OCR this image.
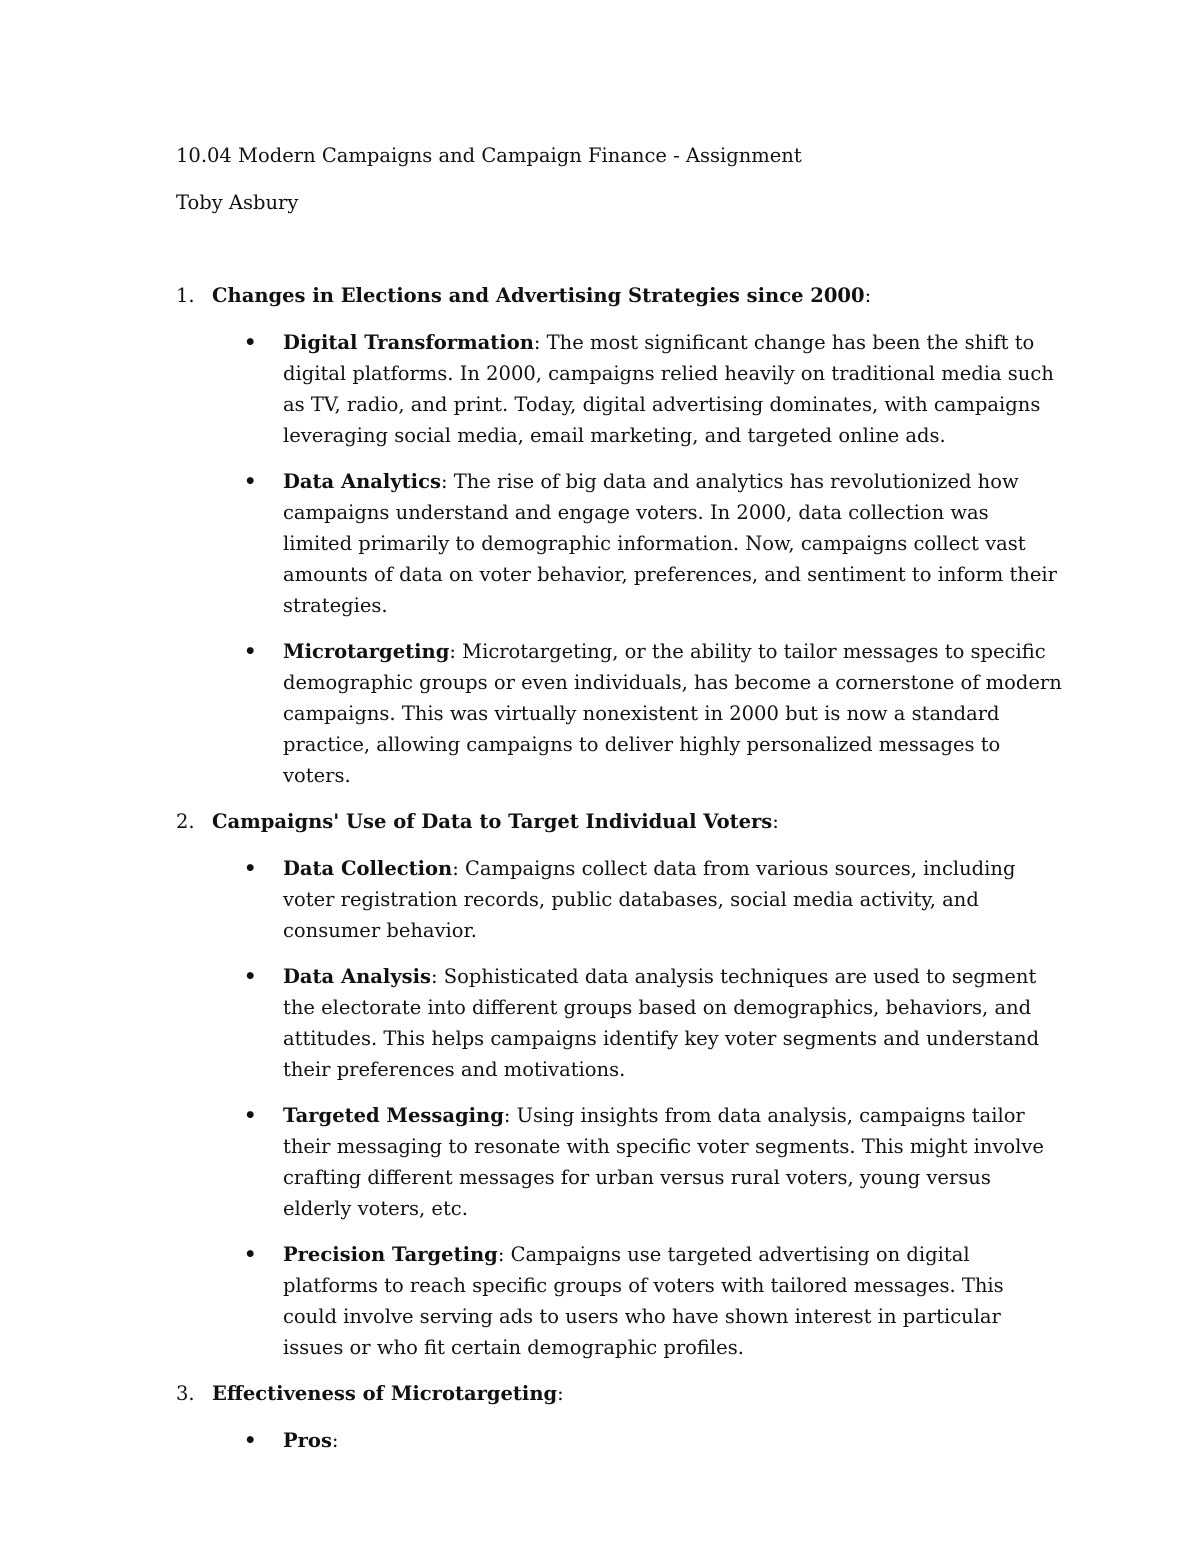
10.04 Modern Campaigns and Campaign Finance - Assignment

Toby Asbury

1. Changes in Elections and Advertising Strategies since 2000:

• Digital Transformation: The most significant change has been the shift to digital platforms. In 2000, campaigns relied heavily on traditional media such as TV, radio, and print. Today, digital advertising dominates, with campaigns leveraging social media, email marketing, and targeted online ads.
• Data Analytics: The rise of big data and analytics has revolutionized how campaigns understand and engage voters. In 2000, data collection was limited primarily to demographic information. Now, campaigns collect vast amounts of data on voter behavior, preferences, and sentiment to inform their strategies.
• Microtargeting: Microtargeting, or the ability to tailor messages to specific demographic groups or even individuals, has become a cornerstone of modern campaigns. This was virtually nonexistent in 2000 but is now a standard practice, allowing campaigns to deliver highly personalized messages to voters.
2. Campaigns' Use of Data to Target Individual Voters:

• Data Collection: Campaigns collect data from various sources, including voter registration records, public databases, social media activity, and consumer behavior.
• Data Analysis: Sophisticated data analysis techniques are used to segment the electorate into different groups based on demographics, behaviors, and attitudes. This helps campaigns identify key voter segments and understand their preferences and motivations.
• Targeted Messaging: Using insights from data analysis, campaigns tailor their messaging to resonate with specific voter segments. This might involve crafting different messages for urban versus rural voters, young versus elderly voters, etc.
• Precision Targeting: Campaigns use targeted advertising on digital platforms to reach specific groups of voters with tailored messages. This could involve serving ads to users who have shown interest in particular issues or who fit certain demographic profiles.
3. Effectiveness of Microtargeting:

• Pros:
